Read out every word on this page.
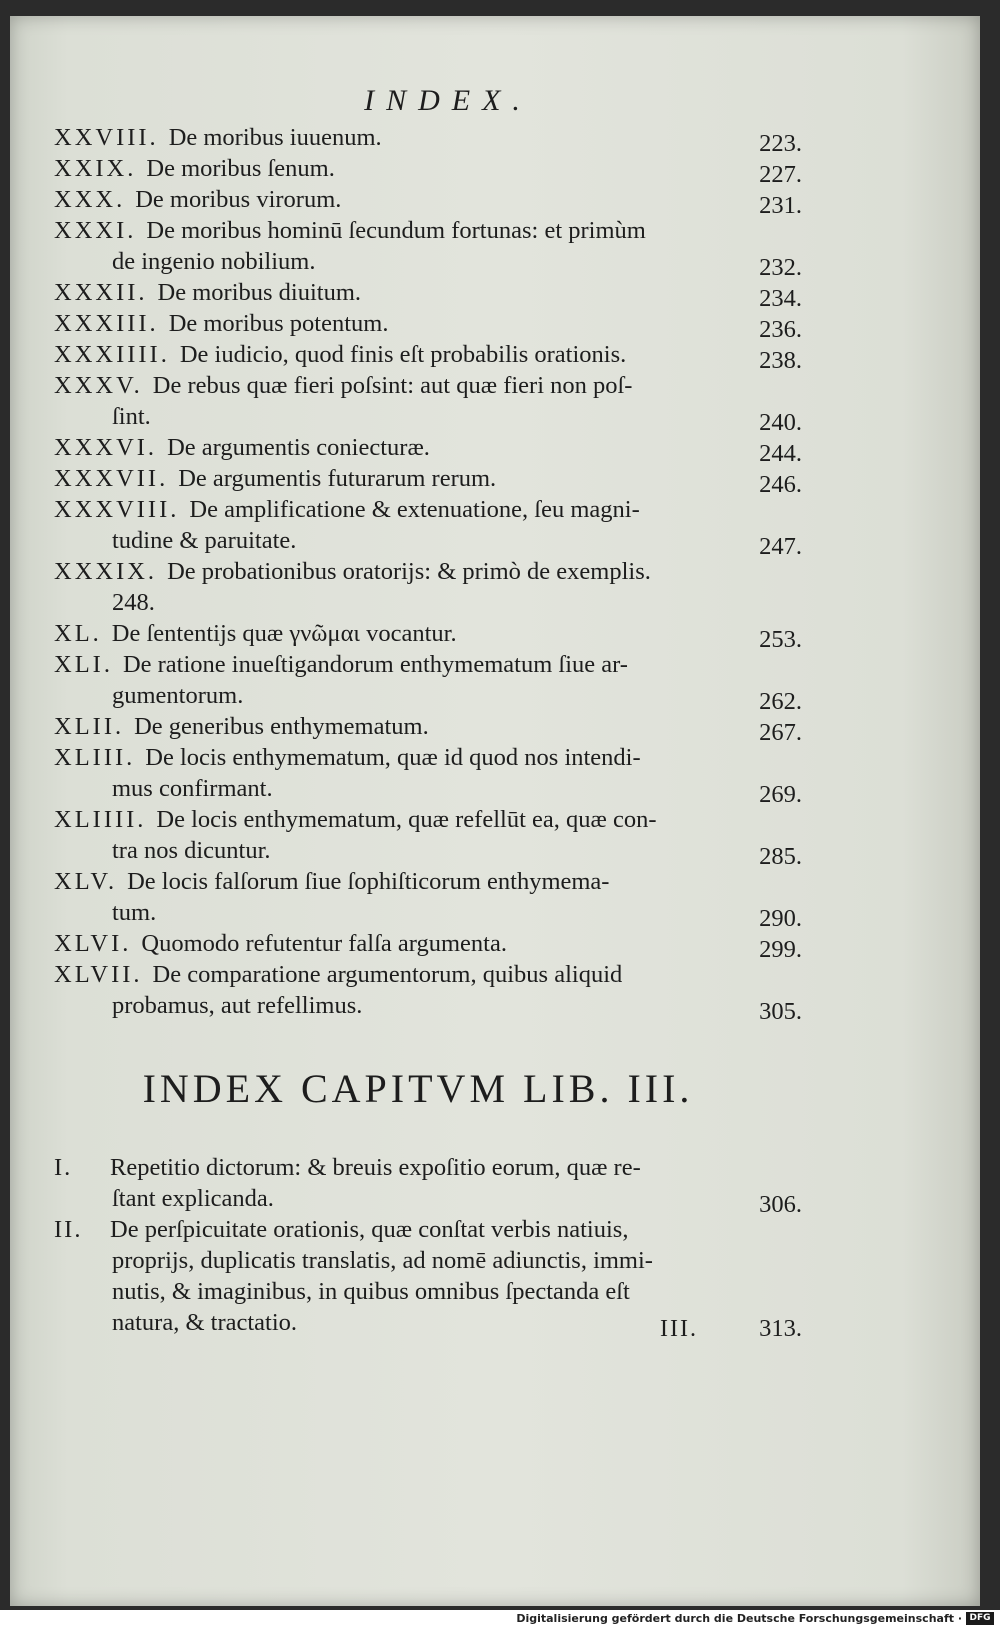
INDEX.
XXVIII. De moribus iuuenum.	223.
XXIX. De moribus ſenum.	227.
XXX. De moribus virorum.	231.
XXXI. De moribus hominū ſecundum fortunas: et primùm
de ingenio nobilium.	232.
XXXII. De moribus diuitum.	234.
XXXIII. De moribus potentum.	236.
XXXIIII. De iudicio, quod finis eſt probabilis orationis.	238.
XXXV. De rebus quæ fieri poſsint: aut quæ fieri non poſ-
ſint.	240.
XXXVI. De argumentis coniecturæ.	244.
XXXVII. De argumentis futurarum rerum.	246.
XXXVIII. De amplificatione & extenuatione, ſeu magni-
tudine & paruitate.	247.
XXXIX. De probationibus oratorijs: & primò de exemplis.
248.
XL. De ſententijs quæ γνῶμαι vocantur.	253.
XLI. De ratione inueſtigandorum enthymematum ſiue ar-
gumentorum.	262.
XLII. De generibus enthymematum.	267.
XLIII. De locis enthymematum, quæ id quod nos intendi-
mus confirmant.	269.
XLIIII. De locis enthymematum, quæ refellūt ea, quæ con-
tra nos dicuntur.	285.
XLV. De locis falſorum ſiue ſophiſticorum enthymema-
tum.	290.
XLVI. Quomodo refutentur falſa argumenta.	299.
XLVII. De comparatione argumentorum, quibus aliquid
probamus, aut refellimus.	305.
INDEX CAPITVM LIB. III.
I. Repetitio dictorum: & breuis expoſitio eorum, quæ re-
ſtant explicanda.	306.
II. De perſpicuitate orationis, quæ conſtat verbis natiuis,
proprijs, duplicatis translatis, ad nomē adiunctis, immi-
nutis, & imaginibus, in quibus omnibus ſpectanda eſt
natura, & tractatio.	313.
III.
Digitalisierung gefördert durch die Deutsche Forschungsgemeinschaft · DFG
